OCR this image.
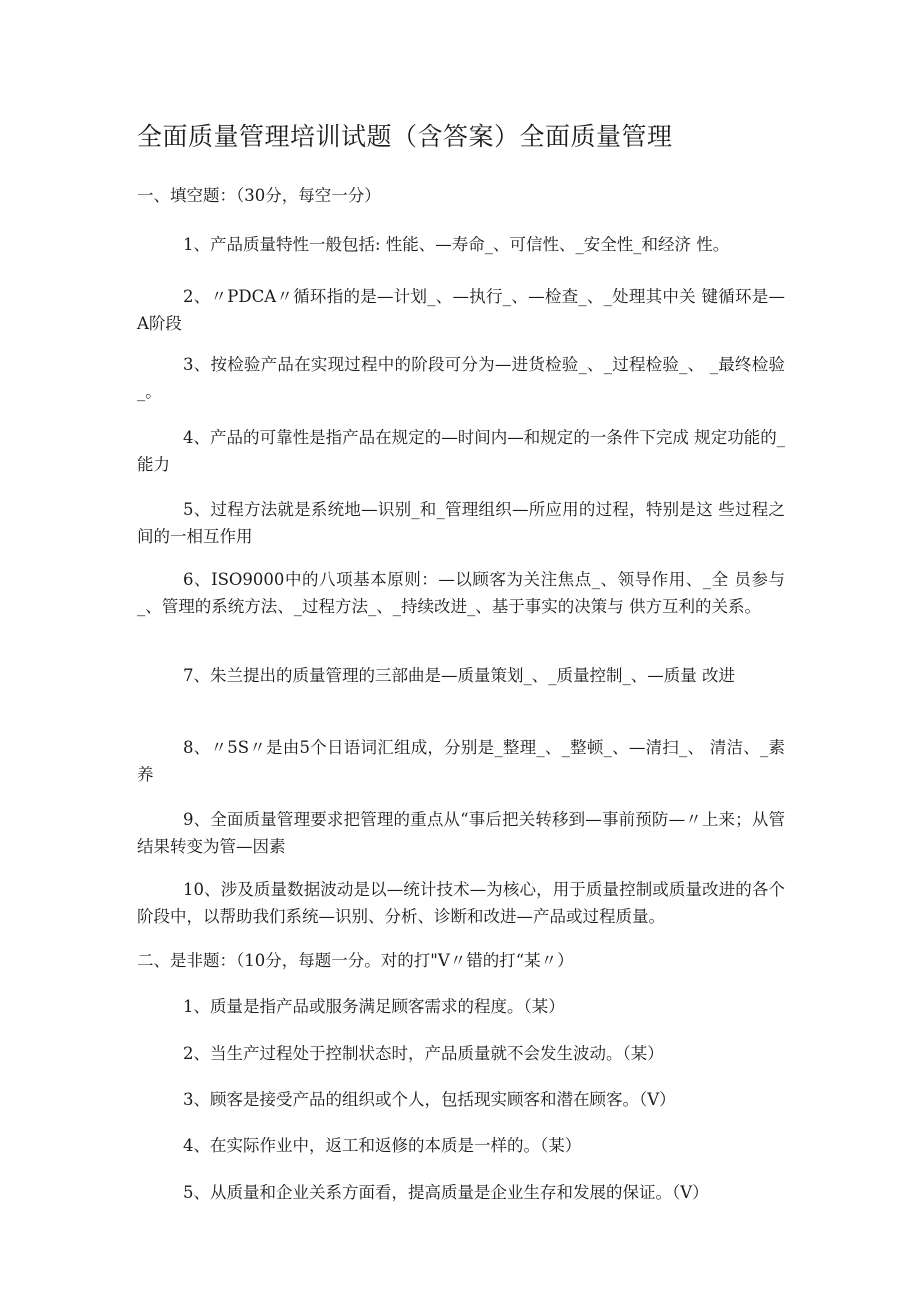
全面质量管理培训试题（含答案）全面质量管理
一、填空题：（30分，每空一分）
1、产品质量特性一般包括: 性能、—寿命_、可信性、_安全性_和经济 性。
2、〃PDCA〃循环指的是—计划_、—执行_、—检查_、_处理其中关 键循环是—A阶段
3、按检验产品在实现过程中的阶段可分为—进货检验_、_过程检验_、 _最终检验_。
4、产品的可靠性是指产品在规定的—时间内—和规定的一条件下完成 规定功能的_能力
5、过程方法就是系统地—识别_和_管理组织—所应用的过程，特别是这 些过程之间的一相互作用
6、ISO9000中的八项基本原则：—以顾客为关注焦点_、领导作用、_全 员参与_、管理的系统方法、_过程方法_、_持续改进_、基于事实的决策与 供方互利的关系。
7、朱兰提出的质量管理的三部曲是—质量策划_、_质量控制_、—质量 改进
8、〃5S〃是由5个日语词汇组成，分别是_整理_、_整顿_、—清扫_、 清洁、_素养
9、全面质量管理要求把管理的重点从“事后把关转移到—事前预防—〃上来；从管结果转变为管—因素
10、涉及质量数据波动是以—统计技术—为核心，用于质量控制或质量改进的各个阶段中，以帮助我们系统—识别、分析、诊断和改进—产品或过程质量。
二、是非题：（10分，每题一分。对的打"V〃错的打“某〃）
1、质量是指产品或服务满足顾客需求的程度。（某）
2、当生产过程处于控制状态时，产品质量就不会发生波动。（某）
3、顾客是接受产品的组织或个人，包括现实顾客和潜在顾客。（V）
4、在实际作业中，返工和返修的本质是一样的。（某）
5、从质量和企业关系方面看，提高质量是企业生存和发展的保证。（V）
